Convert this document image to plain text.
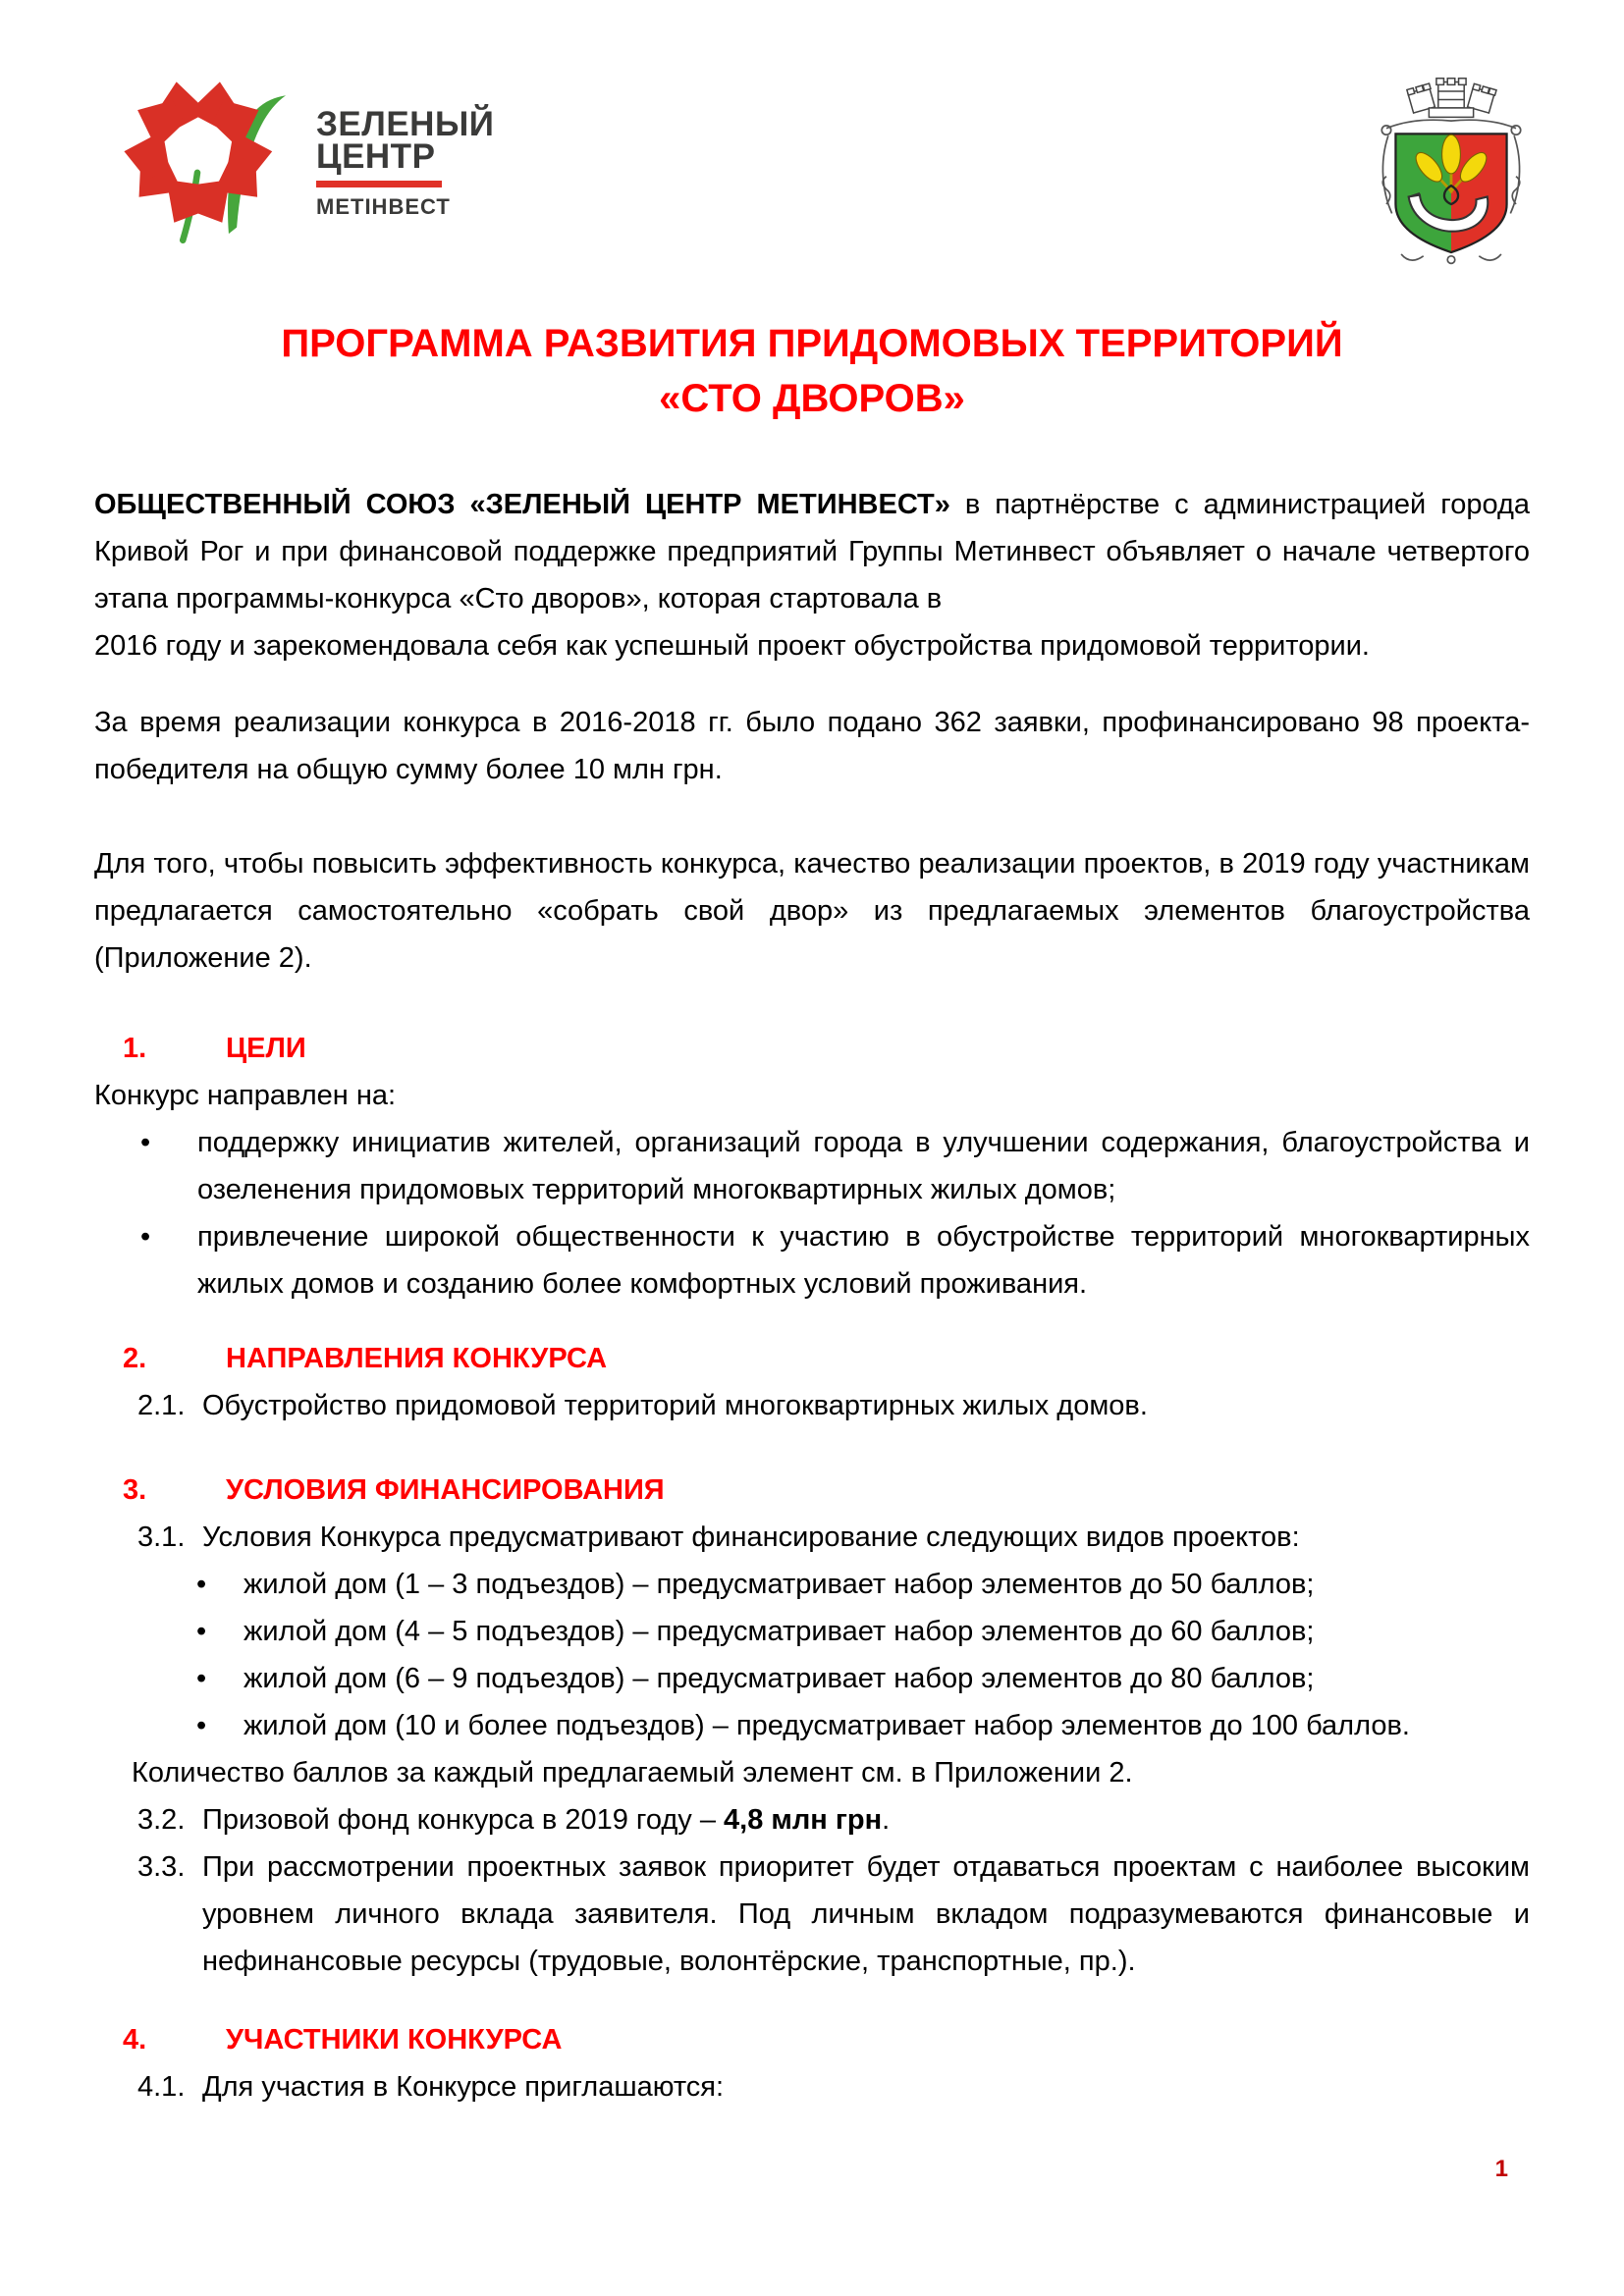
ЗЕЛЕНЫЙ
ЦЕНТР
МЕТІНВЕСТ
ПРОГРАММА РАЗВИТИЯ ПРИДОМОВЫХ ТЕРРИТОРИЙ
«СТО ДВОРОВ»
ОБЩЕСТВЕННЫЙ СОЮЗ «ЗЕЛЕНЫЙ ЦЕНТР МЕТИНВЕСТ» в партнёрстве с администрацией города Кривой Рог и при финансовой поддержке предприятий Группы Метинвест объявляет о начале четвертого этапа программы-конкурса «Сто дворов», которая стартовала в
2016 году и зарекомендовала себя как успешный проект обустройства придомовой территории.
За время реализации конкурса в 2016-2018 гг. было подано 362 заявки, профинансировано 98 проекта-победителя на общую сумму более 10 млн грн.
Для того, чтобы повысить эффективность конкурса, качество реализации проектов, в 2019 году участникам предлагается самостоятельно «собрать свой двор» из предлагаемых элементов благоустройства (Приложение 2).
1.	ЦЕЛИ
Конкурс направлен на:
•	поддержку инициатив жителей, организаций города в улучшении содержания, благоустройства и озеленения придомовых территорий многоквартирных жилых домов;
•	привлечение широкой общественности к участию в обустройстве территорий многоквартирных жилых домов и созданию более комфортных условий проживания.
2.	НАПРАВЛЕНИЯ КОНКУРСА
2.1. Обустройство придомовой территорий многоквартирных жилых домов.
3.	УСЛОВИЯ ФИНАНСИРОВАНИЯ
3.1. Условия Конкурса предусматривают финансирование следующих видов проектов:
•	жилой дом (1 – 3 подъездов) – предусматривает набор элементов до 50 баллов;
•	жилой дом (4 – 5 подъездов) – предусматривает набор элементов до 60 баллов;
•	жилой дом (6 – 9 подъездов) – предусматривает набор элементов до 80 баллов;
•	жилой дом (10 и более подъездов) – предусматривает набор элементов до 100 баллов.
Количество баллов за каждый предлагаемый элемент см. в Приложении 2.
3.2. Призовой фонд конкурса в 2019 году – 4,8 млн грн.
3.3. При рассмотрении проектных заявок приоритет будет отдаваться проектам с наиболее высоким уровнем личного вклада заявителя. Под личным вкладом подразумеваются финансовые и нефинансовые ресурсы (трудовые, волонтёрские, транспортные, пр.).
4.	УЧАСТНИКИ КОНКУРСА
4.1. Для участия в Конкурсе приглашаются:
1
